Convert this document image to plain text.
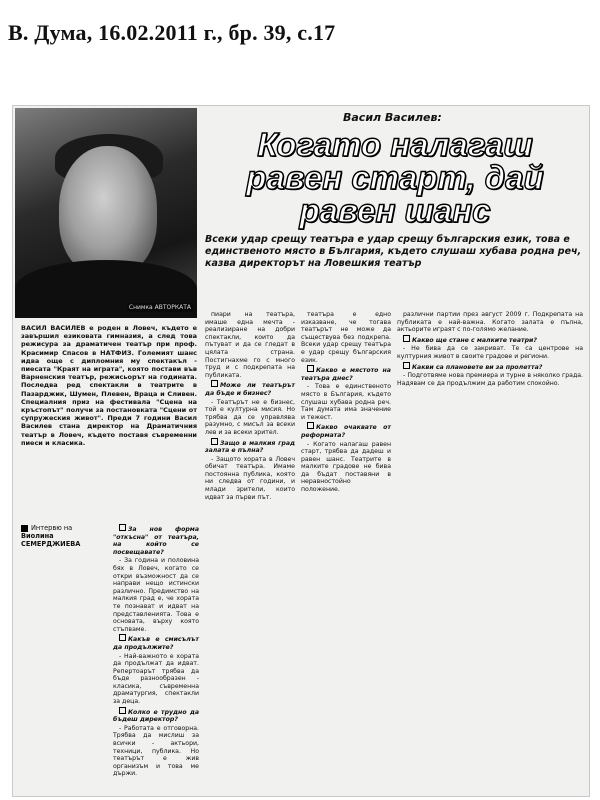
В. Дума, 16.02.2011 г., бр. 39, с.17
Снимка АВТОРКАТА
Васил Василев:
Когато налагаш равен старт, дай равен шанс
Всеки удар срещу театъра е удар срещу българския език, това е единственото място в България, където слушаш хубава родна реч, казва директорът на Ловешкия театър
ВАСИЛ ВАСИЛЕВ е роден в Ловеч, където е завършил езиковата гимназия, а след това режисура за драматичен театър при проф. Красимир Спасов в НАТФИЗ. Големият шанс идва още с дипломния му спектакъл - пиесата "Краят на играта", която постави във Варненския театър, режисьорът на годината. Последва ред спектакли в театрите в Пазарджик, Шумен, Плевен, Враца и Сливен. Специалния приз на фестивала "Сцена на кръстопът" получи за постановката "Сцени от супружеския живот". Преди 7 години Васил Василев стана директор на Драматичния театър в Ловеч, където поставя съвременни пиеси и класика.
Интервю на
Виолина СЕМЕРДЖИЕВА

За нов форма "откъсна" от театъра, на който се посвещавате?

- За година и половина бях в Ловеч, когато се откри възможност да се направи нещо истински различно. Предимство на малкия град е, че хората те познават и идват на представленията. Това е основата, върху която стъпваме.

Какъв е смисълът да продължите?

- Най-важното е хората да продължат да идват. Репертоарът трябва да бъде разнообразен - класика, съвременна драматургия, спектакли за деца.

Колко е трудно да бъдеш директор?

- Работата е отговорна. Трябва да мислиш за всички - актьори, техници, публика. Но театърът е жив организъм и това ме държи.

пиари на театъра, имаше една мечта - реализиране на добри спектакли, които да пътуват и да се гледат в цялата страна. Постигнахме го с много труд и с подкрепата на публиката.

Може ли театърът да бъде и бизнес?

- Театърът не е бизнес, той е културна мисия. Но трябва да се управлява разумно, с мисъл за всеки лев и за всеки зрител.

Защо в малкия град залата е пълна?

- Защото хората в Ловеч обичат театъра. Имаме постоянна публика, която ни следва от години, и млади зрители, които идват за първи път.

театъра е едно изказване, че тогава театърът не може да съществува без подкрепа. Всеки удар срещу театъра е удар срещу българския език.

Какво е мястото на театъра днес?

- Това е единственото място в България, където слушаш хубава родна реч. Там думата има значение и тежест.

Какво очаквате от реформата?

- Когато налагаш равен старт, трябва да дадеш и равен шанс. Театрите в малките градове не бива да бъдат поставяни в неравностойно положение.

различни партии през август 2009 г. Подкрепата на публиката е най-важна. Когато залата е пълна, актьорите играят с по-голямо желание.

Какво ще стане с малките театри?

- Не бива да се закриват. Те са центрове на културния живот в своите градове и региони.

Какви са плановете ви за пролетта?

- Подготвяме нова премиера и турне в няколко града. Надявам се да продължим да работим спокойно.
